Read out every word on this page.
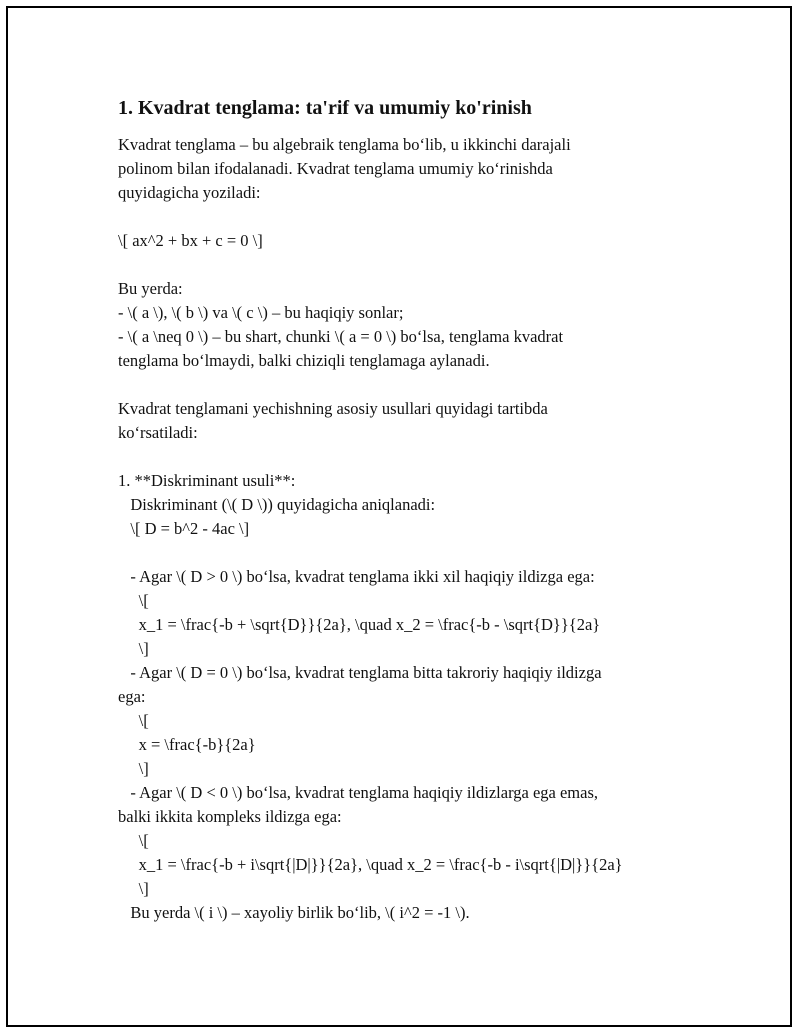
1. Kvadrat tenglama: ta'rif va umumiy ko'rinish
Kvadrat tenglama – bu algebraik tenglama bo‘lib, u ikkinchi darajali
polinom bilan ifodalanadi. Kvadrat tenglama umumiy ko‘rinishda
quyidagicha yoziladi:
\[ ax^2 + bx + c = 0 \]
Bu yerda:
- \( a \), \( b \) va \( c \) – bu haqiqiy sonlar;
- \( a \neq 0 \) – bu shart, chunki \( a = 0 \) bo‘lsa, tenglama kvadrat
tenglama bo‘lmaydi, balki chiziqli tenglamaga aylanadi.
Kvadrat tenglamani yechishning asosiy usullari quyidagi tartibda
ko‘rsatiladi:
1. **Diskriminant usuli**:
Diskriminant (\( D \)) quyidagicha aniqlanadi:
\[ D = b^2 - 4ac \]
- Agar \( D > 0 \) bo‘lsa, kvadrat tenglama ikki xil haqiqiy ildizga ega:
\[
x_1 = \frac{-b + \sqrt{D}}{2a}, \quad x_2 = \frac{-b - \sqrt{D}}{2a}
\]
- Agar \( D = 0 \) bo‘lsa, kvadrat tenglama bitta takroriy haqiqiy ildizga
ega:
\[
x = \frac{-b}{2a}
\]
- Agar \( D < 0 \) bo‘lsa, kvadrat tenglama haqiqiy ildizlarga ega emas,
balki ikkita kompleks ildizga ega:
\[
x_1 = \frac{-b + i\sqrt{|D|}}{2a}, \quad x_2 = \frac{-b - i\sqrt{|D|}}{2a}
\]
Bu yerda \( i \) – xayoliy birlik bo‘lib, \( i^2 = -1 \).
